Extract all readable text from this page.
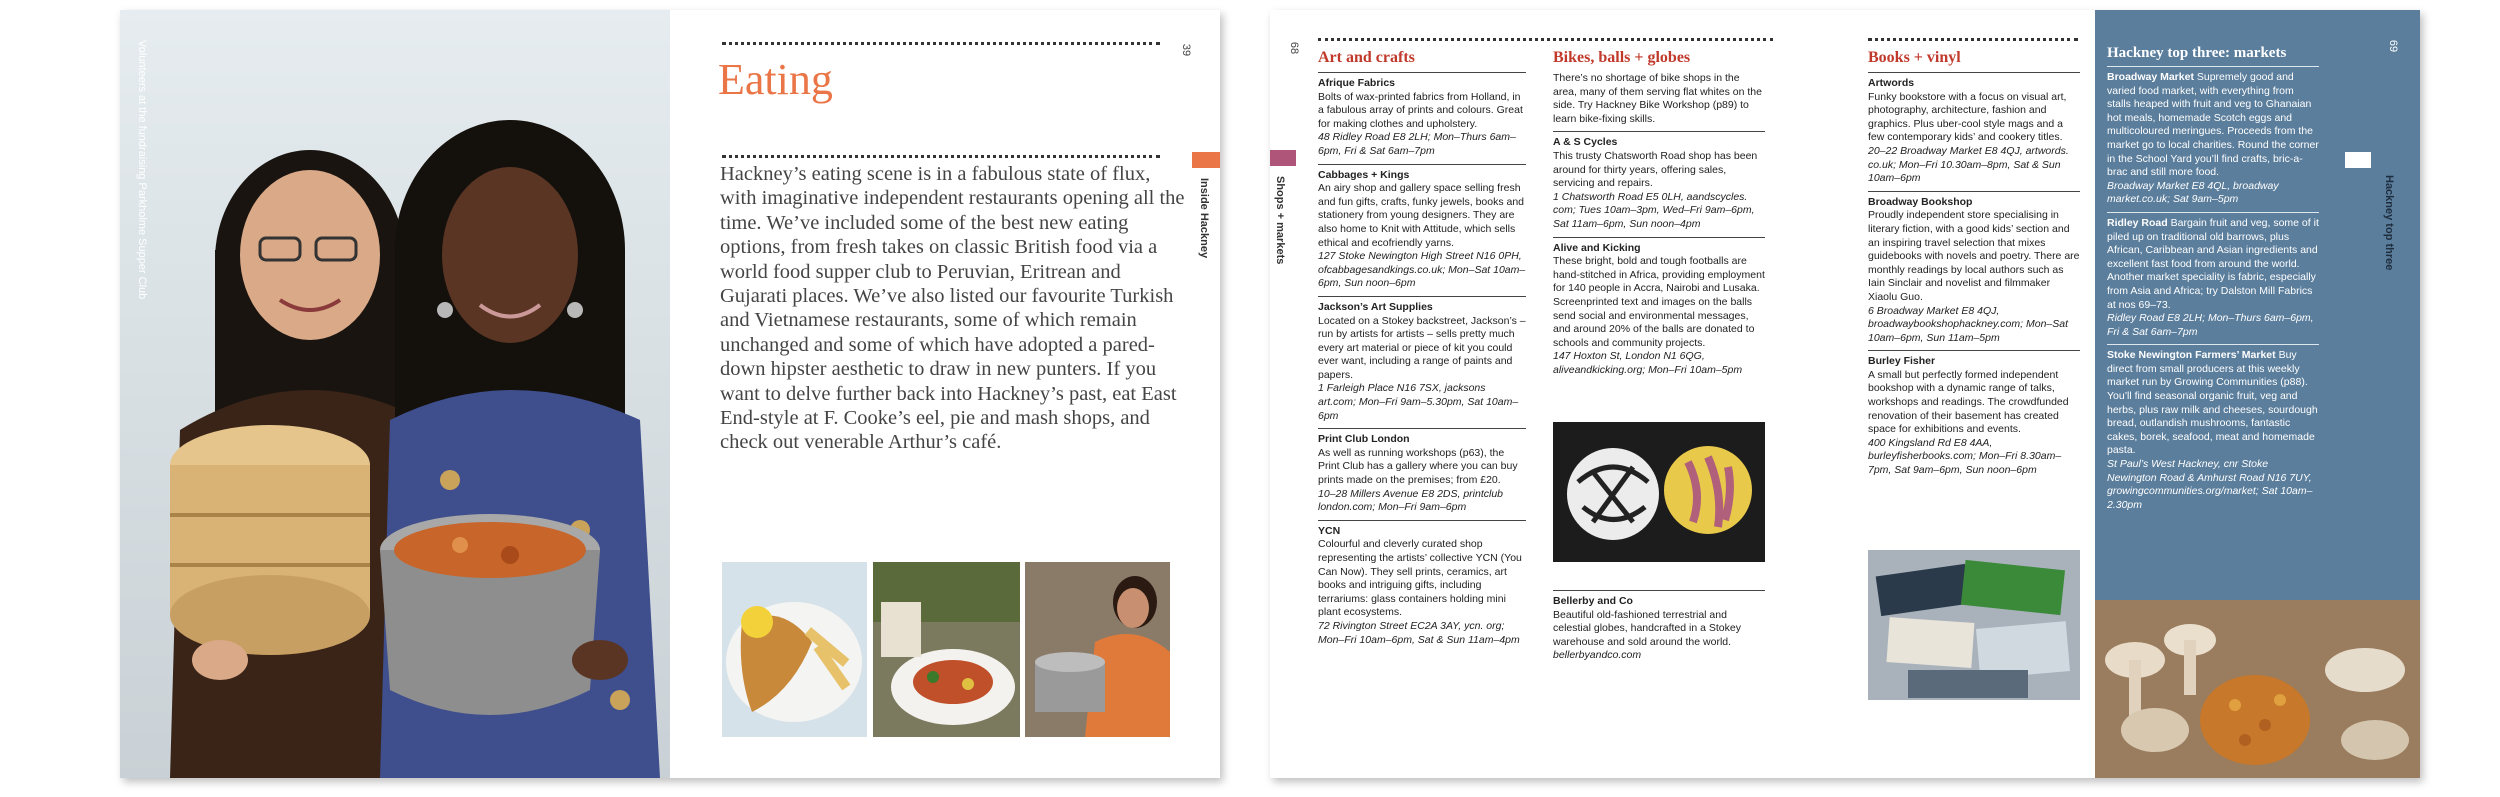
Volunteers at the fundraising Parkholme Supper Club	39
Eating
Inside Hackney
Hackney’s eating scene is in a fabulous state of flux, with imaginative independent restaurants opening all the time. We’ve included some of the best new eating options, from fresh takes on classic British food via a world food supper club to Peruvian, Eritrean and Gujarati places. We’ve also listed our favourite Turkish and Vietnamese restaurants, some of which remain unchanged and some of which have adopted a pared-down hipster aesthetic to draw in new punters. If you want to delve further back into Hackney’s past, eat East End-style at F. Cooke’s eel, pie and mash shops, and check out venerable Arthur’s café.
68
Shops + markets
Art and crafts
Afrique Fabrics
Bolts of wax-printed fabrics from Holland, in a fabulous array of prints and colours. Great for making clothes and upholstery.
48 Ridley Road E8 2LH; Mon–Thurs 6am–6pm, Fri & Sat 6am–7pm
Cabbages + Kings
An airy shop and gallery space selling fresh and fun gifts, crafts, funky jewels, books and stationery from young designers. They are also home to Knit with Attitude, which sells ethical and ecofriendly yarns.
127 Stoke Newington High Street N16 0PH, ofcabbagesandkings.co.uk; Mon–Sat 10am–6pm, Sun noon–6pm
Jackson’s Art Supplies
Located on a Stokey backstreet, Jackson’s – run by artists for artists – sells pretty much every art material or piece of kit you could ever want, including a range of paints and papers.
1 Farleigh Place N16 7SX, jacksons art.com; Mon–Fri 9am–5.30pm, Sat 10am–6pm
Print Club London
As well as running workshops (p63), the Print Club has a gallery where you can buy prints made on the premises; from £20.
10–28 Millers Avenue E8 2DS, printclub london.com; Mon–Fri 9am–6pm
YCN
Colourful and cleverly curated shop representing the artists’ collective YCN (You Can Now). They sell prints, ceramics, art books and intriguing gifts, including terrariums: glass containers holding mini plant ecosystems.
72 Rivington Street EC2A 3AY, ycn. org; Mon–Fri 10am–6pm, Sat & Sun 11am–4pm
Bikes, balls + globes
There’s no shortage of bike shops in the area, many of them serving flat whites on the side. Try Hackney Bike Workshop (p89) to learn bike-fixing skills.
A & S Cycles
This trusty Chatsworth Road shop has been around for thirty years, offering sales, servicing and repairs.
1 Chatsworth Road E5 0LH, aandscycles. com; Tues 10am–3pm, Wed–Fri 9am–6pm, Sat 11am–6pm, Sun noon–4pm
Alive and Kicking
These bright, bold and tough footballs are hand-stitched in Africa, providing employment for 140 people in Accra, Nairobi and Lusaka. Screenprinted text and images on the balls send social and environmental messages, and around 20% of the balls are donated to schools and community projects.
147 Hoxton St, London N1 6QG, aliveandkicking.org; Mon–Fri 10am–5pm
Bellerby and Co
Beautiful old-fashioned terrestrial and celestial globes, handcrafted in a Stokey warehouse and sold around the world.
bellerbyandco.com
Books + vinyl
Artwords
Funky bookstore with a focus on visual art, photography, architecture, fashion and graphics. Plus uber-cool style mags and a few contemporary kids’ and cookery titles.
20–22 Broadway Market E8 4QJ, artwords. co.uk; Mon–Fri 10.30am–8pm, Sat & Sun 10am–6pm
Broadway Bookshop
Proudly independent store specialising in literary fiction, with a good kids’ section and an inspiring travel selection that mixes guidebooks with novels and poetry. There are monthly readings by local authors such as Iain Sinclair and novelist and filmmaker Xiaolu Guo.
6 Broadway Market E8 4QJ, broadwaybookshophackney.com; Mon–Sat 10am–6pm, Sun 11am–5pm
Burley Fisher
A small but perfectly formed independent bookshop with a dynamic range of talks, workshops and readings. The crowdfunded renovation of their basement has created space for exhibitions and events.
400 Kingsland Rd E8 4AA, burleyfisherbooks.com; Mon–Fri 8.30am–7pm, Sat 9am–6pm, Sun noon–6pm
Hackney top three: markets
Broadway Market Supremely good and varied food market, with everything from stalls heaped with fruit and veg to Ghanaian hot meals, homemade Scotch eggs and multicoloured meringues. Proceeds from the market go to local charities. Round the corner in the School Yard you’ll find crafts, bric-a-brac and still more food.
Broadway Market E8 4QL, broadway market.co.uk; Sat 9am–5pm
Ridley Road Bargain fruit and veg, some of it piled up on traditional old barrows, plus African, Caribbean and Asian ingredients and excellent fast food from around the world. Another market speciality is fabric, especially from Asia and Africa; try Dalston Mill Fabrics at nos 69–73.
Ridley Road E8 2LH; Mon–Thurs 6am–6pm, Fri & Sat 6am–7pm
Stoke Newington Farmers’ Market Buy direct from small producers at this weekly market run by Growing Communities (p88). You’ll find seasonal organic fruit, veg and herbs, plus raw milk and cheeses, sourdough bread, outlandish mushrooms, fantastic cakes, borek, seafood, meat and homemade pasta.
St Paul’s West Hackney, cnr Stoke Newington Road & Amhurst Road N16 7UY, growingcommunities.org/market; Sat 10am–2.30pm
69
Hackney top three
